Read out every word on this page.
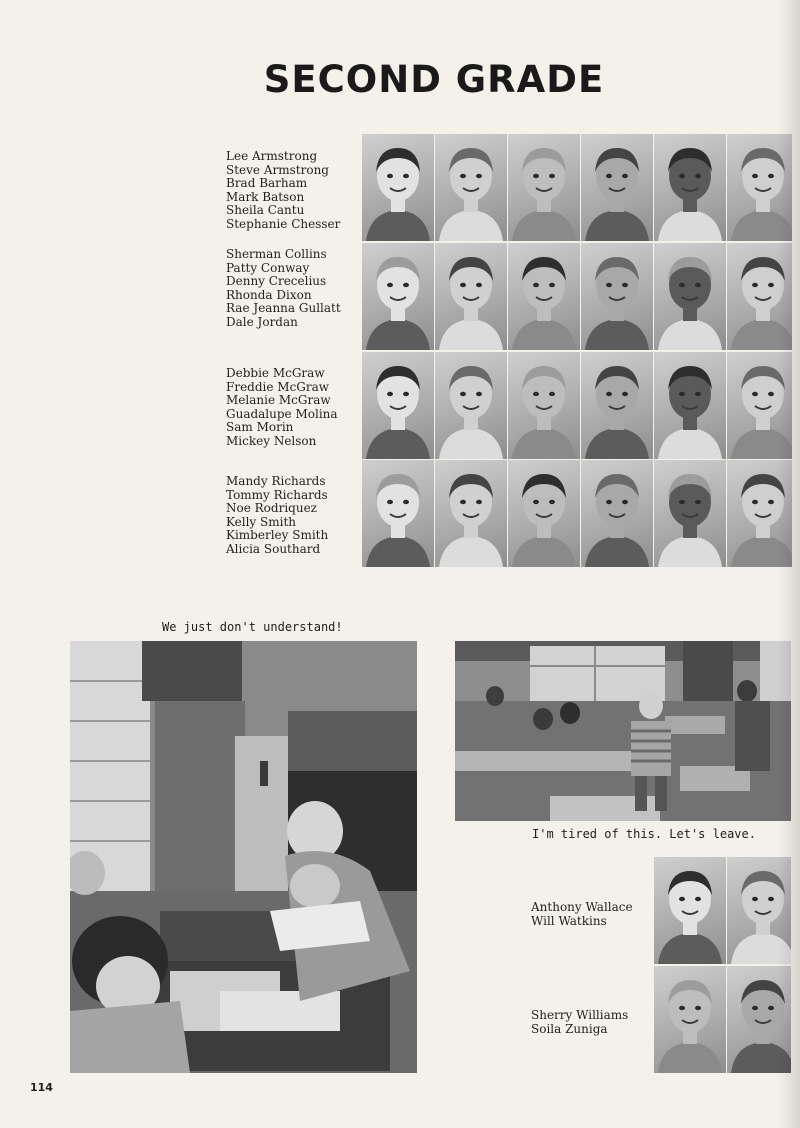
SECOND GRADE
Lee Armstrong
Steve Armstrong
Brad Barham
Mark Batson
Sheila Cantu
Stephanie Chesser
Sherman Collins
Patty Conway
Denny Crecelius
Rhonda Dixon
Rae Jeanna Gullatt
Dale Jordan
Debbie McGraw
Freddie McGraw
Melanie McGraw
Guadalupe Molina
Sam Morin
Mickey Nelson
Mandy Richards
Tommy Richards
Noe Rodriquez
Kelly Smith
Kimberley Smith
Alicia Southard
We just don't understand!
I'm tired of this. Let's leave.
Anthony Wallace
Will Watkins
Sherry Williams
Soila Zuniga
114
